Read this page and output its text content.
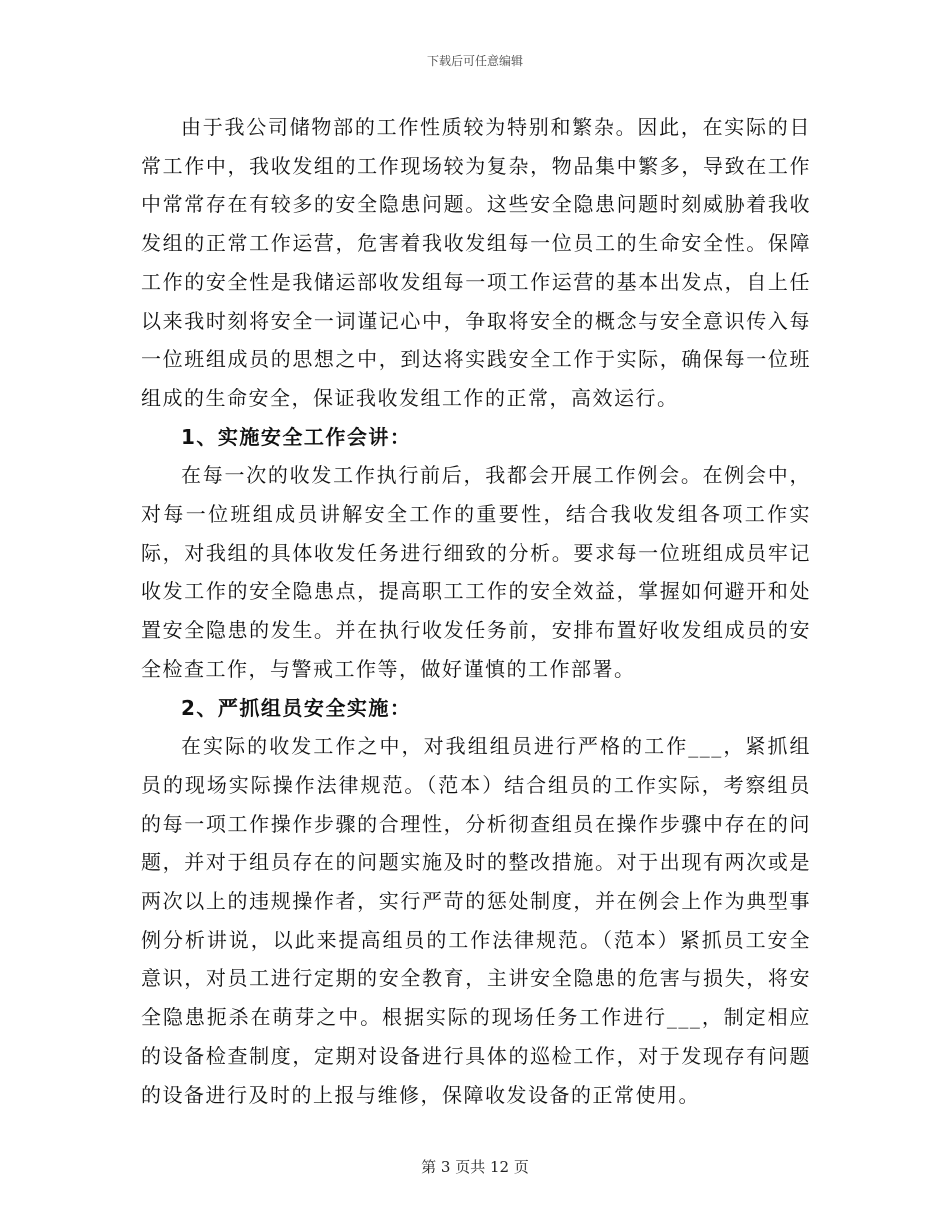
下载后可任意编辑

由于我公司储物部的工作性质较为特别和繁杂。因此，在实际的日常工作中，我收发组的工作现场较为复杂，物品集中繁多，导致在工作中常常存在有较多的安全隐患问题。这些安全隐患问题时刻威胁着我收发组的正常工作运营，危害着我收发组每一位员工的生命安全性。保障工作的安全性是我储运部收发组每一项工作运营的基本出发点，自上任以来我时刻将安全一词谨记心中，争取将安全的概念与安全意识传入每一位班组成员的思想之中，到达将实践安全工作于实际，确保每一位班组成的生命安全，保证我收发组工作的正常，高效运行。

1、实施安全工作会讲：

在每一次的收发工作执行前后，我都会开展工作例会。在例会中，对每一位班组成员讲解安全工作的重要性，结合我收发组各项工作实际，对我组的具体收发任务进行细致的分析。要求每一位班组成员牢记收发工作的安全隐患点，提高职工工作的安全效益，掌握如何避开和处置安全隐患的发生。并在执行收发任务前，安排布置好收发组成员的安全检查工作，与警戒工作等，做好谨慎的工作部署。

2、严抓组员安全实施：

在实际的收发工作之中，对我组组员进行严格的工作___，紧抓组员的现场实际操作法律规范。（范本）结合组员的工作实际，考察组员的每一项工作操作步骤的合理性，分析彻查组员在操作步骤中存在的问题，并对于组员存在的问题实施及时的整改措施。对于出现有两次或是两次以上的违规操作者，实行严苛的惩处制度，并在例会上作为典型事例分析讲说，以此来提高组员的工作法律规范。（范本）紧抓员工安全意识，对员工进行定期的安全教育，主讲安全隐患的危害与损失，将安全隐患扼杀在萌芽之中。根据实际的现场任务工作进行___，制定相应的设备检查制度，定期对设备进行具体的巡检工作，对于发现存有问题的设备进行及时的上报与维修，保障收发设备的正常使用。

第 3 页共 12 页
